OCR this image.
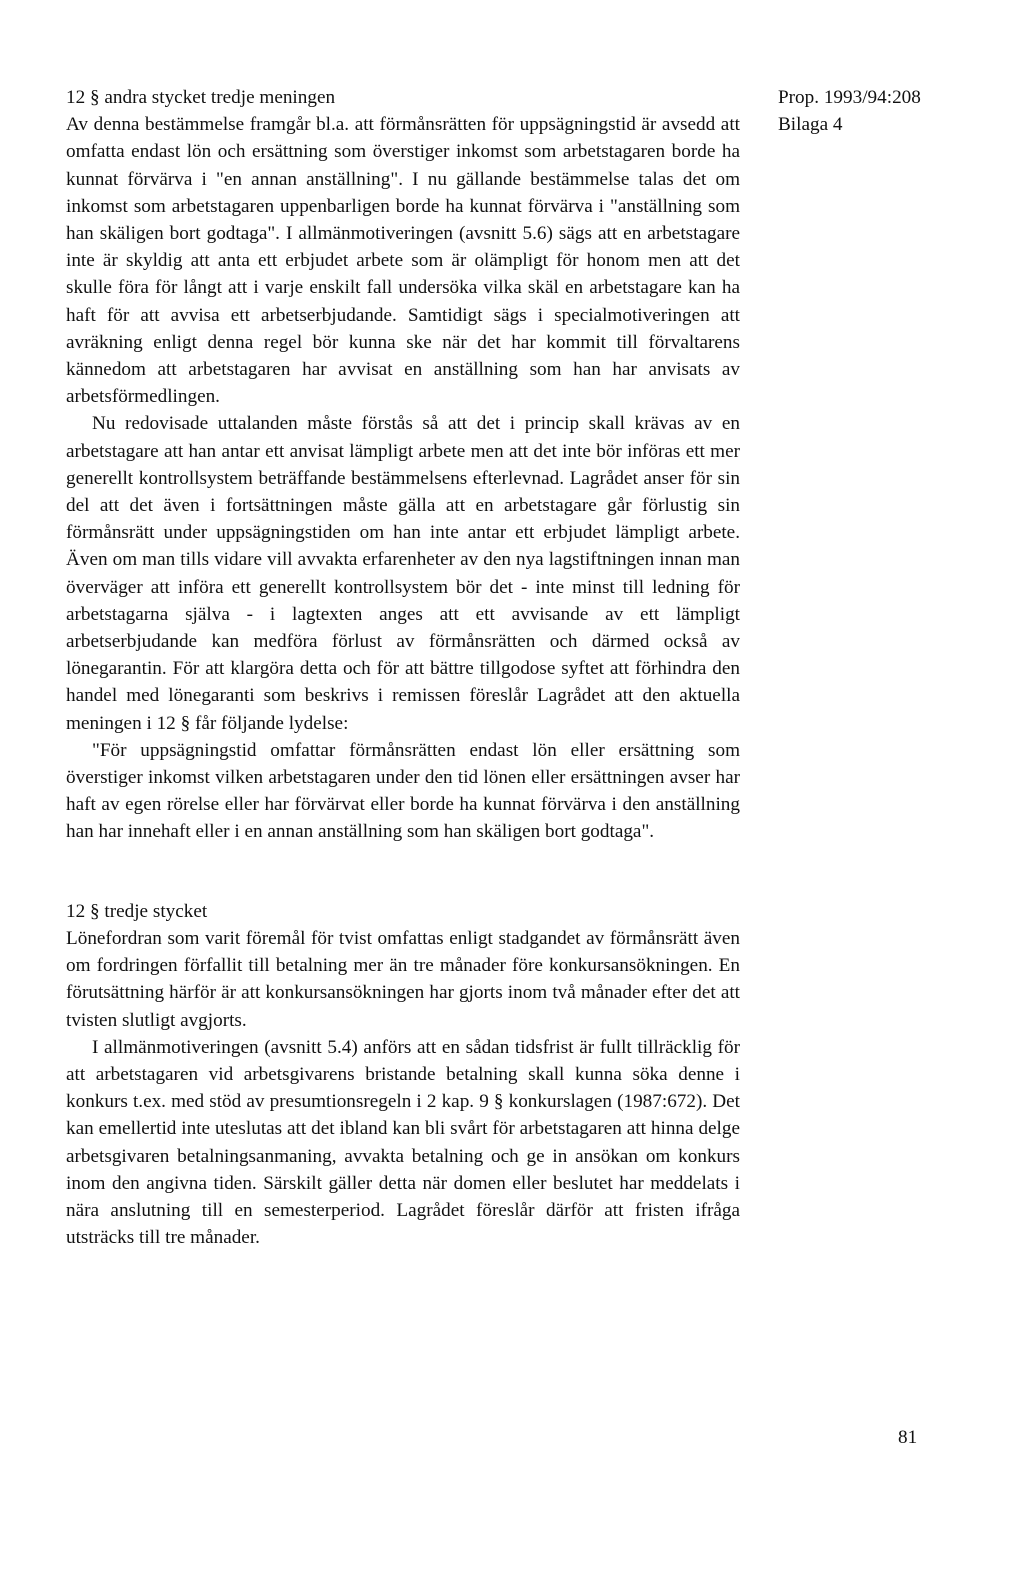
Prop. 1993/94:208
Bilaga 4

12 § andra stycket tredje meningen

Av denna bestämmelse framgår bl.a. att förmånsrätten för uppsägningstid är avsedd att omfatta endast lön och ersättning som överstiger inkomst som arbetstagaren borde ha kunnat förvärva i "en annan anställning". I nu gällande bestämmelse talas det om inkomst som arbetstagaren uppenbarligen borde ha kunnat förvärva i "anställning som han skäligen bort godtaga". I allmänmotiveringen (avsnitt 5.6) sägs att en arbetstagare inte är skyldig att anta ett erbjudet arbete som är olämpligt för honom men att det skulle föra för långt att i varje enskilt fall undersöka vilka skäl en arbetstagare kan ha haft för att avvisa ett arbetserbjudande. Samtidigt sägs i specialmotiveringen att avräkning enligt denna regel bör kunna ske när det har kommit till förvaltarens kännedom att arbetstagaren har avvisat en anställning som han har anvisats av arbetsförmedlingen.

Nu redovisade uttalanden måste förstås så att det i princip skall krävas av en arbetstagare att han antar ett anvisat lämpligt arbete men att det inte bör införas ett mer generellt kontrollsystem beträffande bestämmelsens efterlevnad. Lagrådet anser för sin del att det även i fortsättningen måste gälla att en arbetstagare går förlustig sin förmånsrätt under uppsägningstiden om han inte antar ett erbjudet lämpligt arbete. Även om man tills vidare vill avvakta erfarenheter av den nya lagstiftningen innan man överväger att införa ett generellt kontrollsystem bör det - inte minst till ledning för arbetstagarna själva - i lagtexten anges att ett avvisande av ett lämpligt arbetserbjudande kan medföra förlust av förmånsrätten och därmed också av lönegarantin. För att klargöra detta och för att bättre tillgodose syftet att förhindra den handel med lönegaranti som beskrivs i remissen föreslår Lagrådet att den aktuella meningen i 12 § får följande lydelse:

"För uppsägningstid omfattar förmånsrätten endast lön eller ersättning som överstiger inkomst vilken arbetstagaren under den tid lönen eller ersättningen avser har haft av egen rörelse eller har förvärvat eller borde ha kunnat förvärva i den anställning han har innehaft eller i en annan anställning som han skäligen bort godtaga".

12 § tredje stycket

Lönefordran som varit föremål för tvist omfattas enligt stadgandet av förmånsrätt även om fordringen förfallit till betalning mer än tre månader före konkursansökningen. En förutsättning härför är att konkursansökningen har gjorts inom två månader efter det att tvisten slutligt avgjorts.

I allmänmotiveringen (avsnitt 5.4) anförs att en sådan tidsfrist är fullt tillräcklig för att arbetstagaren vid arbetsgivarens bristande betalning skall kunna söka denne i konkurs t.ex. med stöd av presumtionsregeln i 2 kap. 9 § konkurslagen (1987:672). Det kan emellertid inte uteslutas att det ibland kan bli svårt för arbetstagaren att hinna delge arbetsgivaren betalningsanmaning, avvakta betalning och ge in ansökan om konkurs inom den angivna tiden. Särskilt gäller detta när domen eller beslutet har meddelats i nära anslutning till en semesterperiod. Lagrådet föreslår därför att fristen ifråga utsträcks till tre månader.

81
